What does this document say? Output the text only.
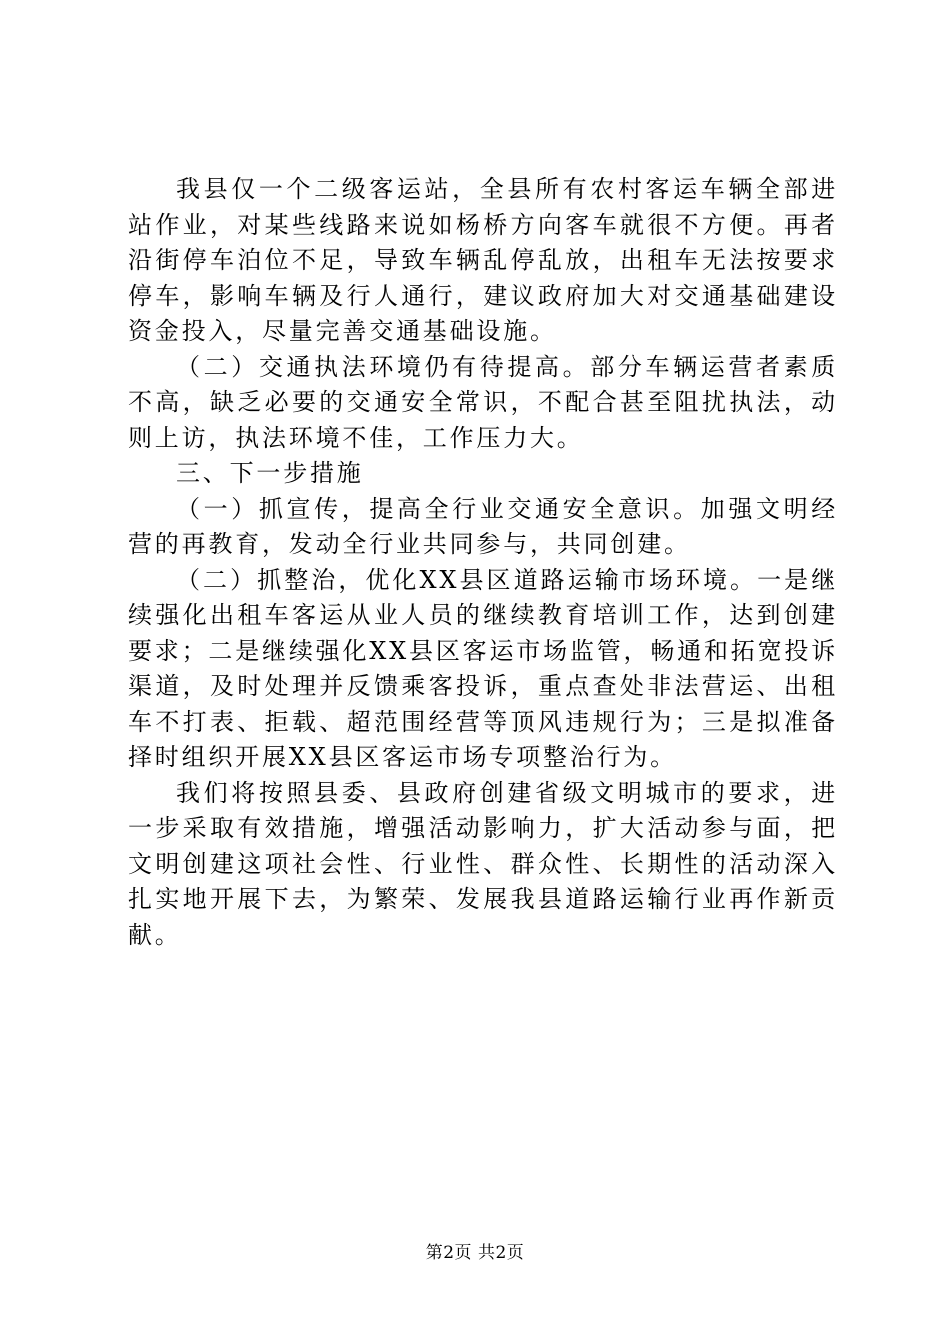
我县仅一个二级客运站，全县所有农村客运车辆全部进站作业，对某些线路来说如杨桥方向客车就很不方便。再者沿街停车泊位不足，导致车辆乱停乱放，出租车无法按要求停车，影响车辆及行人通行，建议政府加大对交通基础建设资金投入，尽量完善交通基础设施。

（二）交通执法环境仍有待提高。部分车辆运营者素质不高，缺乏必要的交通安全常识，不配合甚至阻扰执法，动则上访，执法环境不佳，工作压力大。

三、下一步措施

（一）抓宣传，提高全行业交通安全意识。加强文明经营的再教育，发动全行业共同参与，共同创建。

（二）抓整治，优化XX县区道路运输市场环境。一是继续强化出租车客运从业人员的继续教育培训工作，达到创建要求；二是继续强化XX县区客运市场监管，畅通和拓宽投诉渠道，及时处理并反馈乘客投诉，重点查处非法营运、出租车不打表、拒载、超范围经营等顶风违规行为；三是拟准备择时组织开展XX县区客运市场专项整治行为。

我们将按照县委、县政府创建省级文明城市的要求，进一步采取有效措施，增强活动影响力，扩大活动参与面，把文明创建这项社会性、行业性、群众性、长期性的活动深入扎实地开展下去，为繁荣、发展我县道路运输行业再作新贡献。

第2页 共2页
